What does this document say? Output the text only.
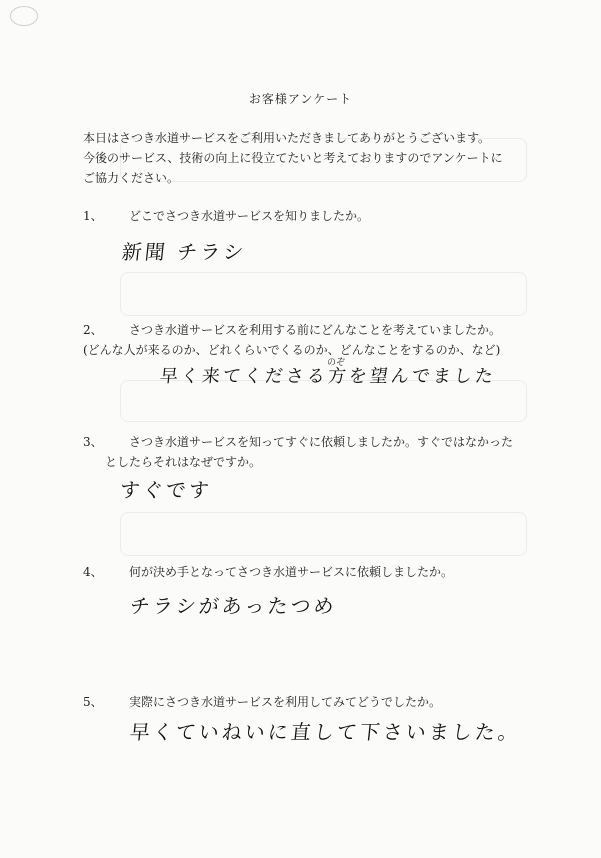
お客様アンケート
本日はさつき水道サービスをご利用いただきましてありがとうございます。
今後のサービス、技術の向上に役立てたいと考えておりますのでアンケートに
ご協力ください。
1、 どこでさつき水道サービスを知りましたか。
新聞 チラシ
2、 さつき水道サービスを利用する前にどんなことを考えていましたか。
(どんな人が来るのか、どれくらいでくるのか、どんなことをするのか、など)
のぞ
早く来てくださる方を望んでました
3、 さつき水道サービスを知ってすぐに依頼しましたか。すぐではなかった
としたらそれはなぜですか。
すぐです
4、 何が決め手となってさつき水道サービスに依頼しましたか。
チラシがあったつめ
5、 実際にさつき水道サービスを利用してみてどうでしたか。
早くていねいに直して下さいました。
